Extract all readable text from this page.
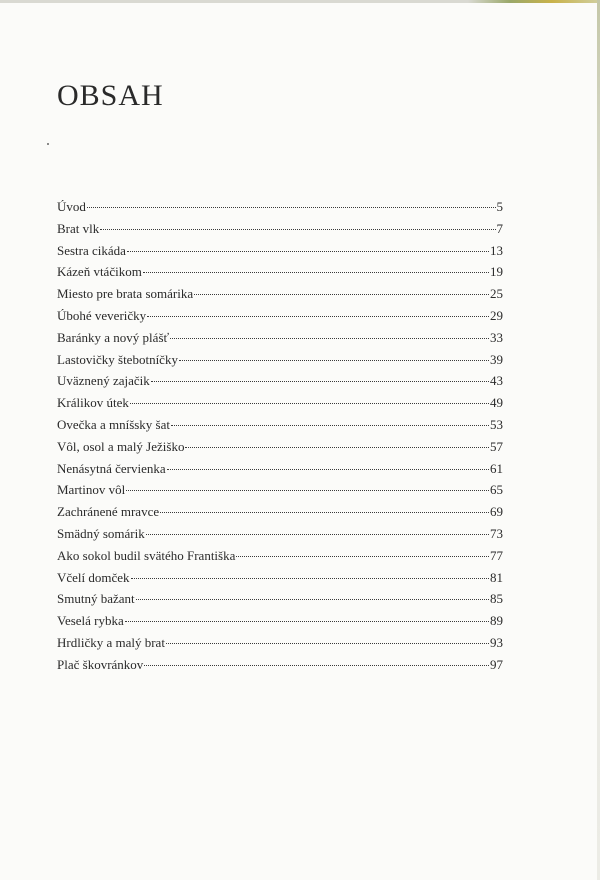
OBSAH
Úvod	5
Brat vlk	7
Sestra cikáda	13
Kázeň vtáčikom	19
Miesto pre brata somárika	25
Úbohé veveričky	29
Baránky a nový plášť	33
Lastovičky štebotníčky	39
Uväznený zajačik	43
Králikov útek	49
Ovečka a mníšsky šat	53
Vôl, osol a malý Ježiško	57
Nenásytná červienka	61
Martinov vôl	65
Zachránené mravce	69
Smädný somárik	73
Ako sokol budil svätého Františka	77
Včelí domček	81
Smutný bažant	85
Veselá rybka	89
Hrdličky a malý brat	93
Plač škovránkov	97
